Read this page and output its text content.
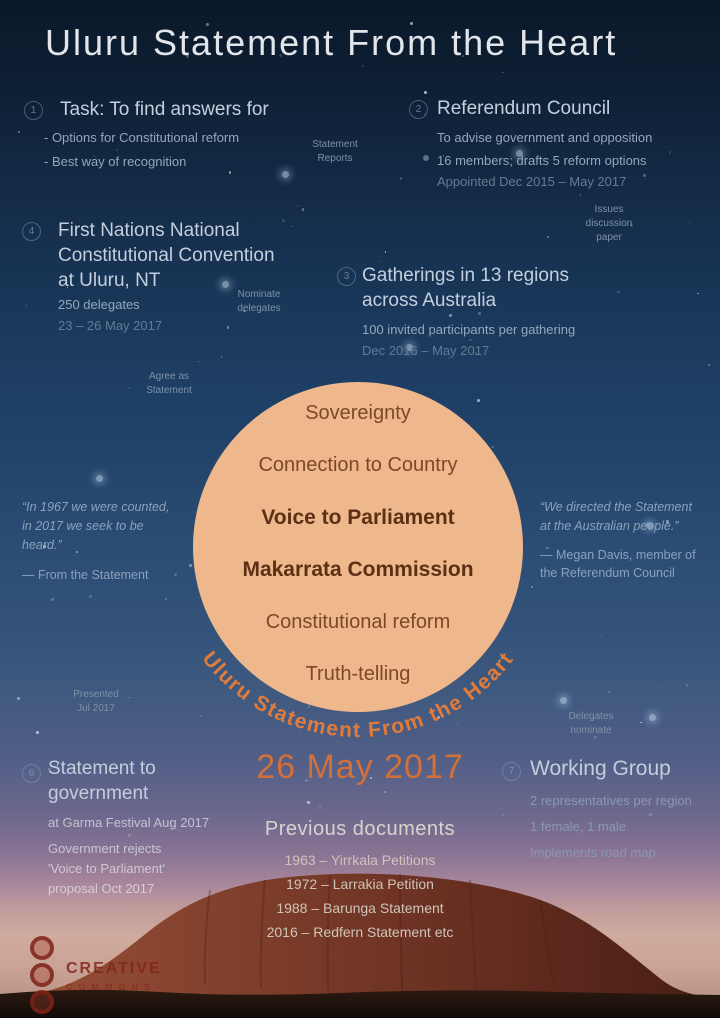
Uluru Statement From the Heart
1	Task: To find answers for
- Options for Constitutional reform
- Best way of recognition
Statement
Reports
2 Referendum Council
To advise government and opposition
16 members; drafts 5 reform options
Appointed Dec 2015 – May 2017
Issues
discussion
paper
4	First Nations National
Constitutional Convention
at Uluru, NT
250 delegates
23 – 26 May 2017
Nominate
delegates
3 Gatherings in 13 regions
across Australia
100 invited participants per gathering
Dec 2016 – May 2017
Agree as
Statement
Sovereignty
Connection to Country
Voice to Parliament
Makarrata Commission
Constitutional reform
Truth-telling
Uluru Statement From the Heart
“In 1967 we were counted,
in 2017 we seek to be
heard.”
— From the Statement
“We directed the Statement
at the Australian people.”
— Megan Davis, member of
the Referendum Council
Presented
Jul 2017
Delegates
nominate
26 May 2017
6 Statement to
government
at Garma Festival Aug 2017
Government rejects
'Voice to Parliament'
proposal Oct 2017
Previous documents
1963 – Yirrkala Petitions
1972 – Larrakia Petition
1988 – Barunga Statement
2016 – Redfern Statement etc
7 Working Group
2 representatives per region
1 female, 1 male
Implements road map
CREATIVE
COMMONS
